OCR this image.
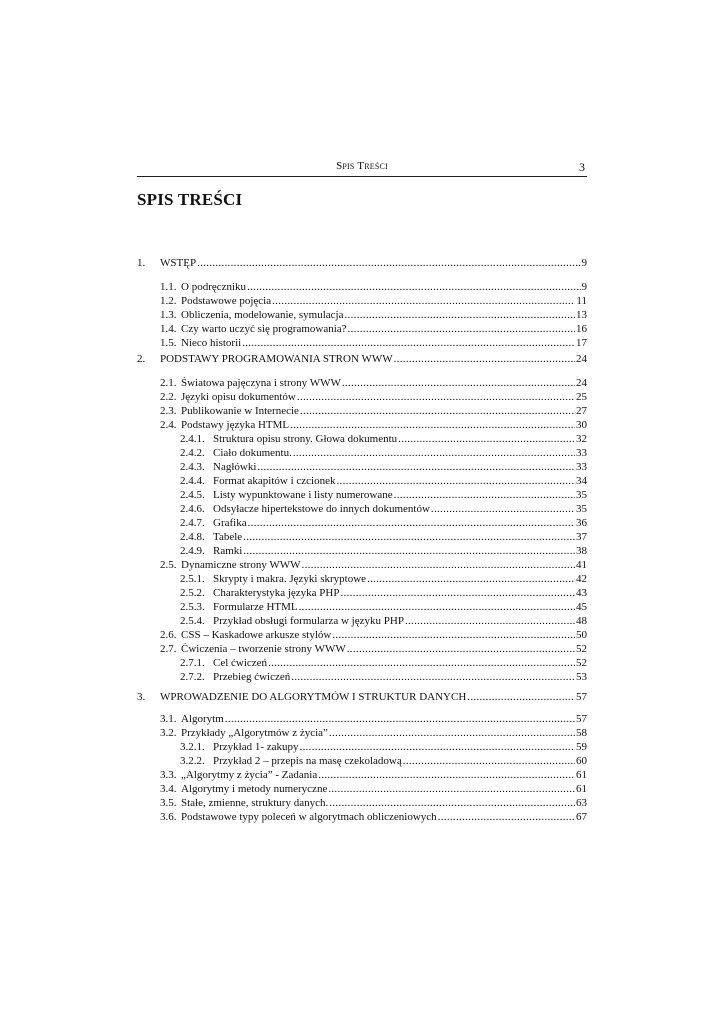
Spis Treści	3
SPIS TREŚCI
1.	WSTĘP .....	9
1.1. O podręczniku .....	9
1.2. Podstawowe pojęcia .....	11
1.3. Obliczenia, modelowanie, symulacja .....	13
1.4. Czy warto uczyć się programowania? .....	16
1.5. Nieco historii .....	17
2.	PODSTAWY PROGRAMOWANIA STRON WWW .....	24
2.1. Światowa pajęczyna i strony WWW .....	24
2.2. Języki opisu dokumentów .....	25
2.3. Publikowanie w Internecie .....	27
2.4. Podstawy języka HTML .....	30
2.4.1. Struktura opisu strony. Głowa dokumentu .....	32
2.4.2. Ciało dokumentu. .....	33
2.4.3. Nagłówki .....	33
2.4.4. Format akapitów i czcionek .....	34
2.4.5. Listy wypunktowane i listy numerowane .....	35
2.4.6. Odsyłacze hipertekstowe do innych dokumentów .....	35
2.4.7. Grafika .....	36
2.4.8. Tabele .....	37
2.4.9. Ramki .....	38
2.5. Dynamiczne strony WWW .....	41
2.5.1. Skrypty i makra. Języki skryptowe .....	42
2.5.2. Charakterystyka języka PHP .....	43
2.5.3. Formularze HTML .....	45
2.5.4. Przykład obsługi formularza w języku PHP .....	48
2.6. CSS – Kaskadowe arkusze stylów .....	50
2.7. Ćwiczenia – tworzenie strony WWW .....	52
2.7.1. Cel ćwiczeń .....	52
2.7.2. Przebieg ćwiczeń .....	53
3.	WPROWADZENIE DO ALGORYTMÓW I STRUKTUR DANYCH .....	57
3.1. Algorytm .....	57
3.2. Przykłady „Algorytmów z życia” .....	58
3.2.1. Przykład 1- zakupy .....	59
3.2.2. Przykład 2 – przepis na masę czekoladową .....	60
3.3. „Algorytmy z życia” - Zadania .....	61
3.4. Algorytmy i metody numeryczne .....	61
3.5. Stałe, zmienne, struktury danych. .....	63
3.6. Podstawowe typy poleceń w algorytmach obliczeniowych .....	67
